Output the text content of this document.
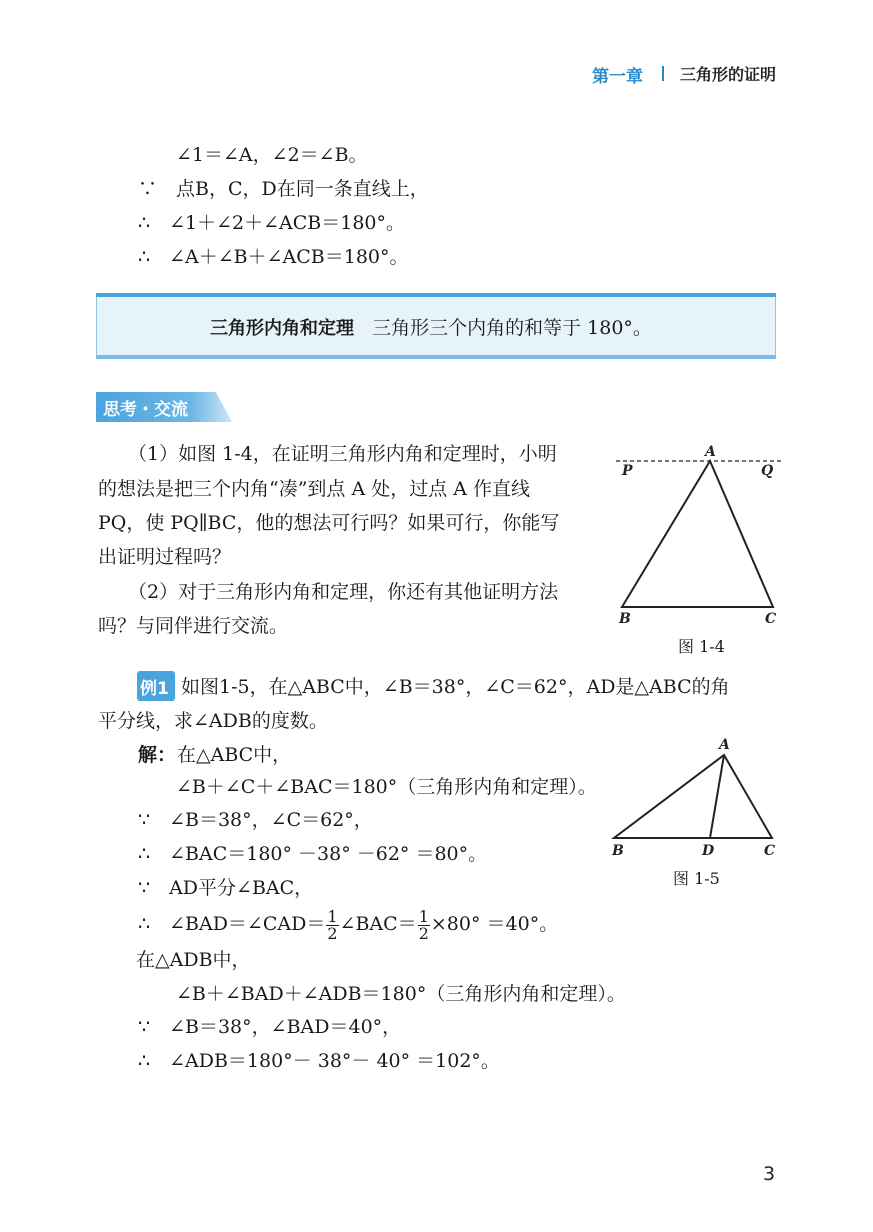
第一章 三角形的证明
∠1＝∠A，∠2＝∠B。
∵　点B，C，D在同一条直线上，
∴　∠1＋∠2＋∠ACB＝180°。
∴　∠A＋∠B＋∠ACB＝180°。
三角形内角和定理 三角形三个内角的和等于 180°。
思考・交流
（1）如图 1-4，在证明三角形内角和定理时，小明
的想法是把三个内角“凑”到点 A 处，过点 A 作直线
PQ，使 PQ∥BC，他的想法可行吗？如果可行，你能写
出证明过程吗？
（2）对于三角形内角和定理，你还有其他证明方法
吗？与同伴进行交流。
A
P	Q
B	C
图 1-4
例1 如图1-5，在△ABC中，∠B＝38°，∠C＝62°，AD是△ABC的角
平分线，求∠ADB的度数。
解： 在△ABC中，
∠B＋∠C＋∠BAC＝180°（三角形内角和定理）。
∵　∠B＝38°，∠C＝62°，
∴　∠BAC＝180° －38° －62° ＝80°。
∵　AD平分∠BAC，
∴　∠BAD＝∠CAD＝ $\frac{1}{2}$ ∠BAC＝ $\frac{1}{2} \times 80^\circ =40^\circ$。
在△ADB中，
∠B＋∠BAD＋∠ADB＝180°（三角形内角和定理）。
∵　∠B＝38°，∠BAD＝40°，
∴　∠ADB＝180°－ 38°－ 40° ＝102°。
A
B	D	C
图 1-5
3
